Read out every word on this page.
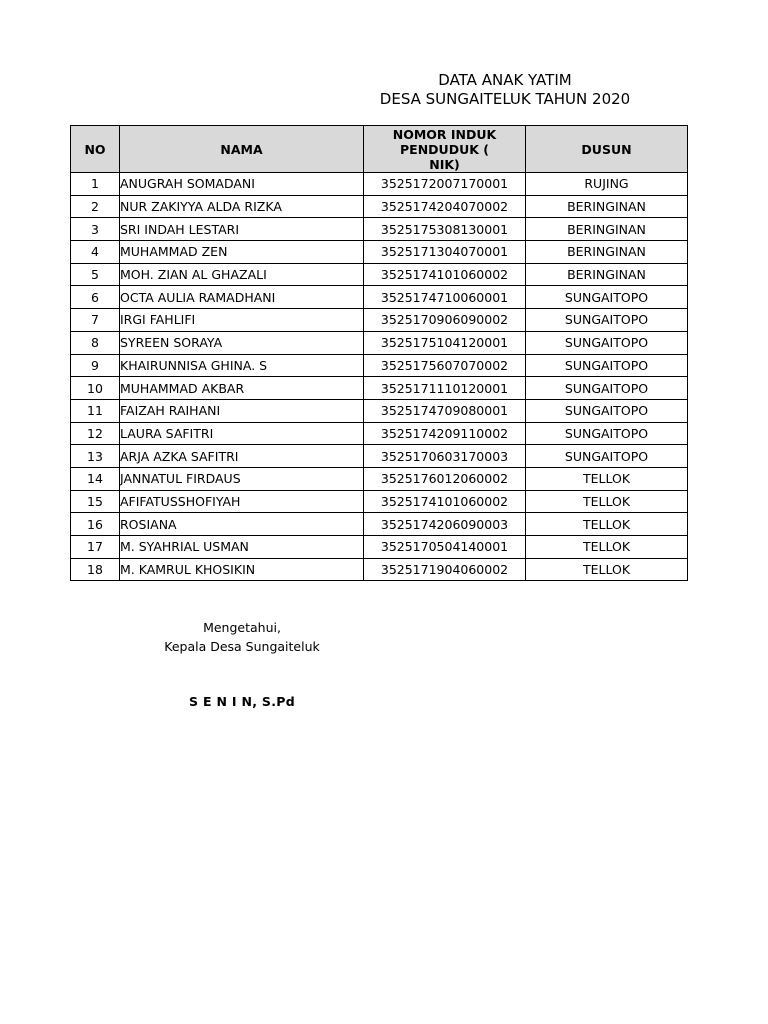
DATA ANAK YATIM
DESA SUNGAITELUK TAHUN 2020
NO	NAMA	NOMOR INDUK PENDUDUK ( NIK)	DUSUN
1	ANUGRAH SOMADANI	3525172007170001	RUJING
2	NUR ZAKIYYA ALDA RIZKA	3525174204070002	BERINGINAN
3	SRI INDAH LESTARI	3525175308130001	BERINGINAN
4	MUHAMMAD ZEN	3525171304070001	BERINGINAN
5	MOH. ZIAN AL GHAZALI	3525174101060002	BERINGINAN
6	OCTA AULIA RAMADHANI	3525174710060001	SUNGAITOPO
7	IRGI FAHLIFI	3525170906090002	SUNGAITOPO
8	SYREEN SORAYA	3525175104120001	SUNGAITOPO
9	KHAIRUNNISA GHINA. S	3525175607070002	SUNGAITOPO
10	MUHAMMAD AKBAR	3525171110120001	SUNGAITOPO
11	FAIZAH RAIHANI	3525174709080001	SUNGAITOPO
12	LAURA SAFITRI	3525174209110002	SUNGAITOPO
13	ARJA AZKA SAFITRI	3525170603170003	SUNGAITOPO
14	JANNATUL FIRDAUS	3525176012060002	TELLOK
15	AFIFATUSSHOFIYAH	3525174101060002	TELLOK
16	ROSIANA	3525174206090003	TELLOK
17	M. SYAHRIAL USMAN	3525170504140001	TELLOK
18	M. KAMRUL KHOSIKIN	3525171904060002	TELLOK
Mengetahui,
Kepala Desa Sungaiteluk
S E N I N, S.Pd
